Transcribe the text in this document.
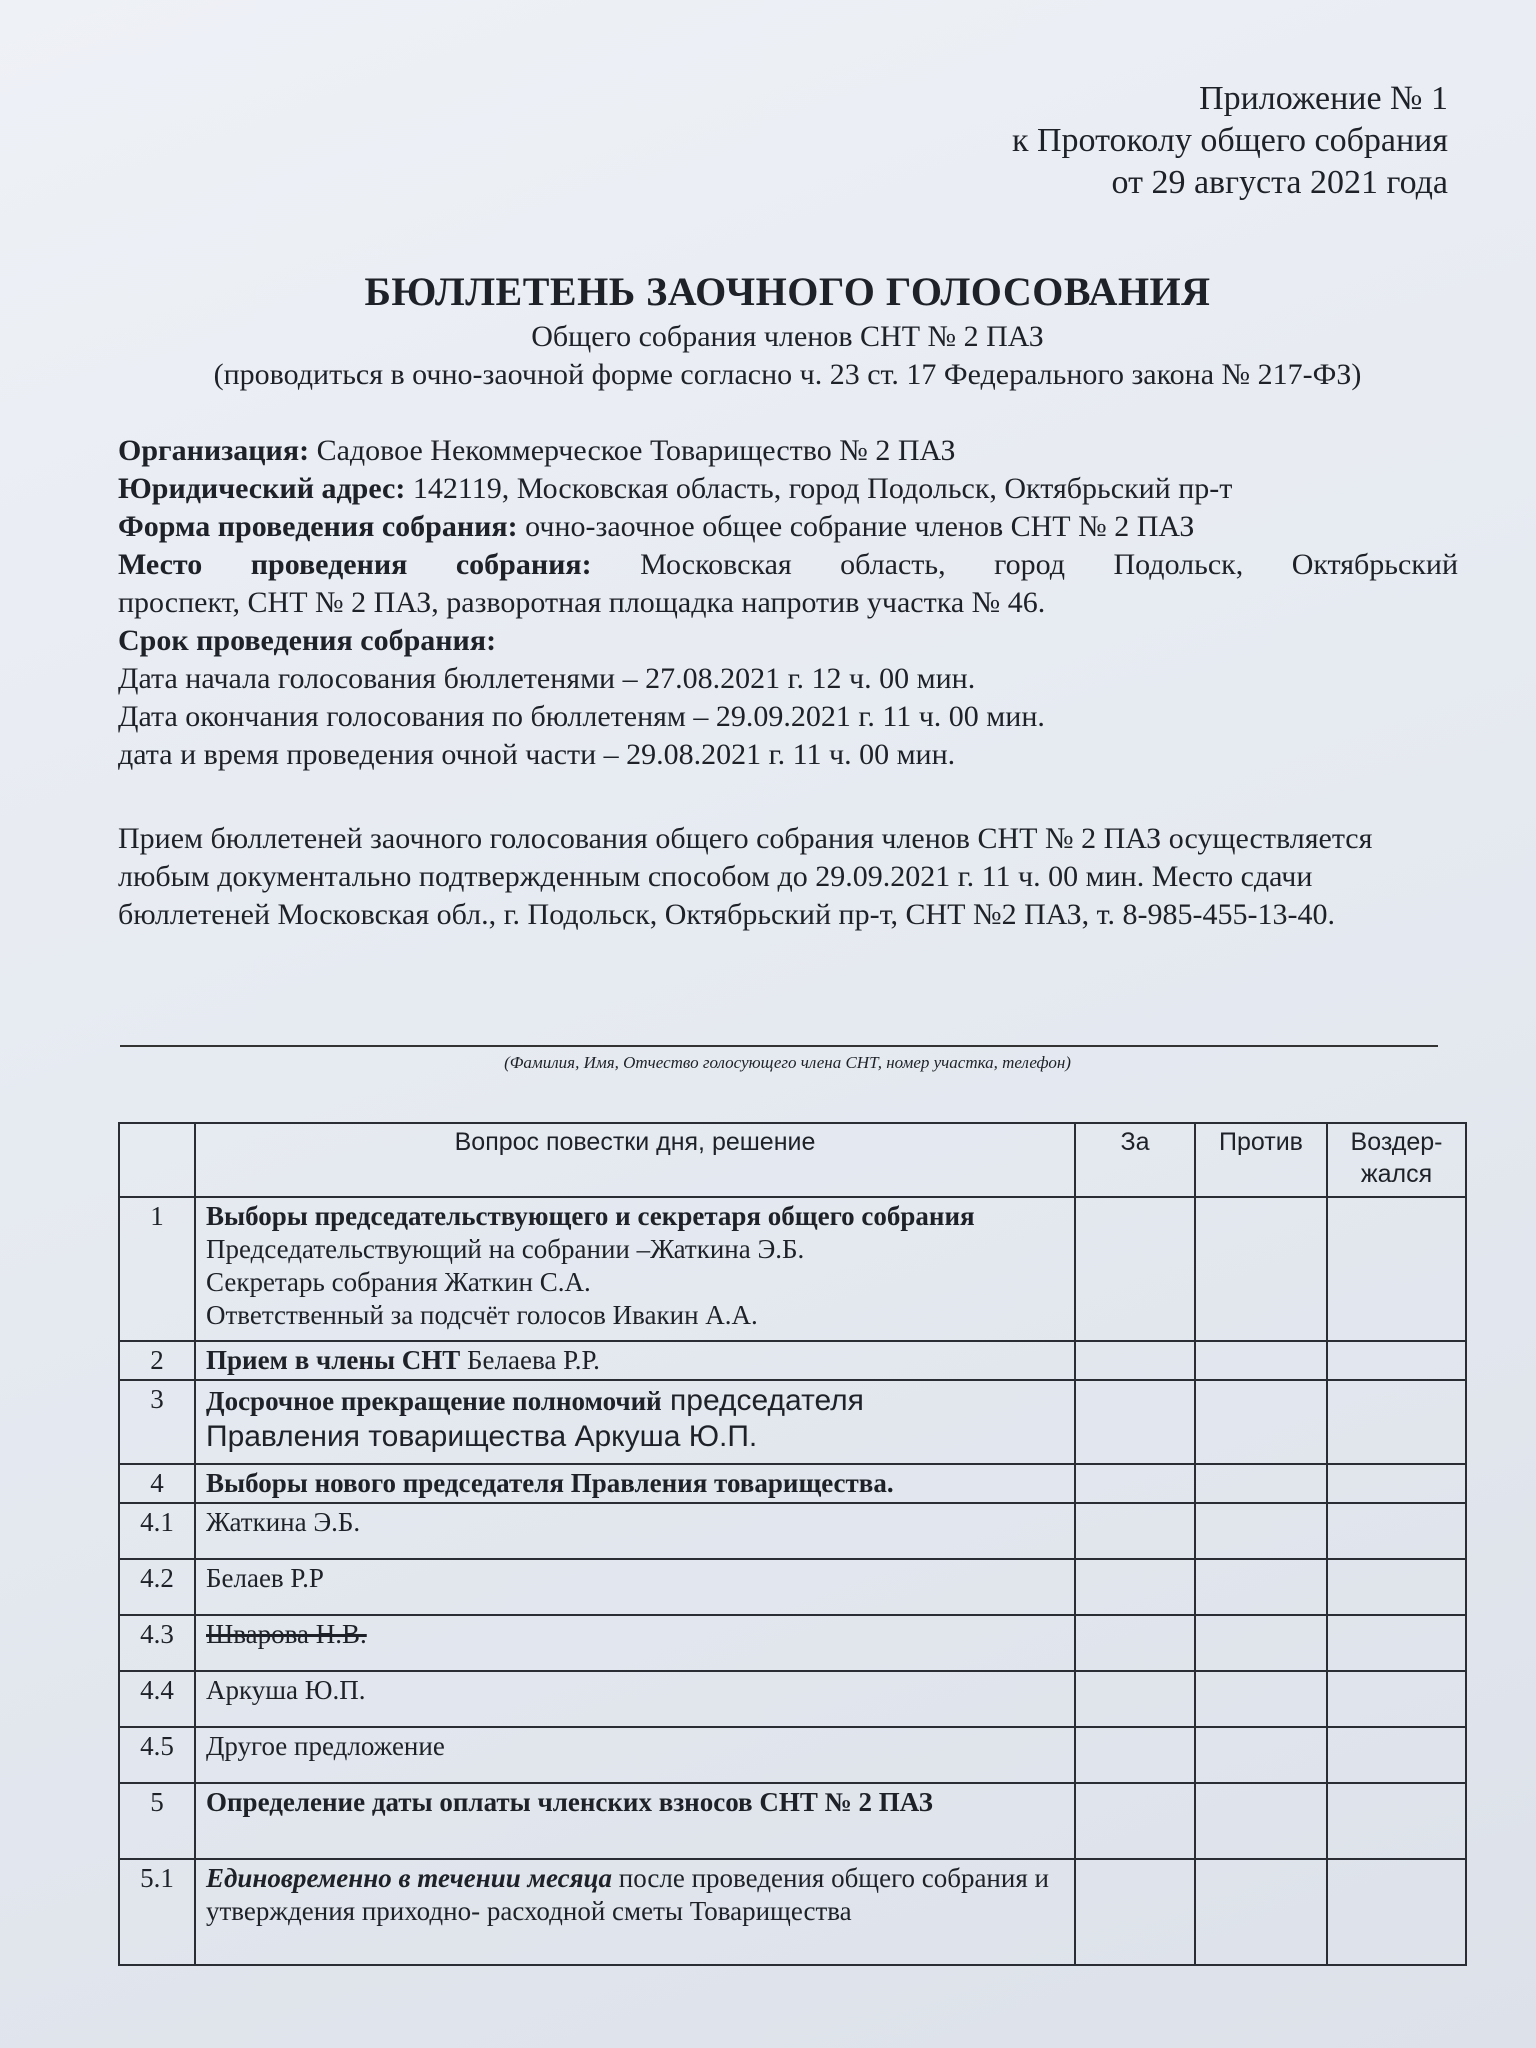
Приложение № 1
к Протоколу общего собрания
от 29 августа 2021 года
БЮЛЛЕТЕНЬ ЗАОЧНОГО ГОЛОСОВАНИЯ
Общего собрания членов СНТ № 2 ПАЗ
(проводиться в очно-заочной форме согласно ч. 23 ст. 17 Федерального закона № 217-ФЗ)
Организация: Садовое Некоммерческое Товарищество № 2 ПАЗ
Юридический адрес: 142119, Московская область, город Подольск, Октябрьский пр-т
Форма проведения собрания: очно-заочное общее собрание членов СНТ № 2 ПАЗ
Место проведения собрания: Московская область, город Подольск, Октябрьский
проспект, СНТ № 2 ПАЗ, разворотная площадка напротив участка № 46.
Срок проведения собрания:
Дата начала голосования бюллетенями – 27.08.2021 г. 12 ч. 00 мин.
Дата окончания голосования по бюллетеням – 29.09.2021 г. 11 ч. 00 мин.
дата и время проведения очной части – 29.08.2021 г. 11 ч. 00 мин.
Прием бюллетеней заочного голосования общего собрания членов СНТ № 2 ПАЗ осуществляется любым документально подтвержденным способом до 29.09.2021 г. 11 ч. 00 мин. Место сдачи бюллетеней Московская обл., г. Подольск, Октябрьский пр-т, СНТ №2 ПАЗ, т. 8-985-455-13-40.
(Фамилия, Имя, Отчество голосующего члена СНТ, номер участка, телефон)
	Вопрос повестки дня, решение	За	Против	Воздер-жался
1	Выборы председательствующего и секретаря общего собрания
Председательствующий на собрании –Жаткина Э.Б.
Секретарь собрания Жаткин С.А.
Ответственный за подсчёт голосов Ивакин А.А.			
2	Прием в члены СНТ Белаева Р.Р.			
3	Досрочное прекращение полномочий председателя
Правления товарищества Аркуша Ю.П.			
4	Выборы нового председателя Правления товарищества.			
4.1	Жаткина Э.Б.			
4.2	Белаев Р.Р			
4.3	Шварова Н.В.			
4.4	Аркуша Ю.П.			
4.5	Другое предложение			
5	Определение даты оплаты членских взносов СНТ № 2 ПАЗ			
5.1	Единовременно в течении месяца после проведения общего собрания и утверждения приходно- расходной сметы Товарищества			
